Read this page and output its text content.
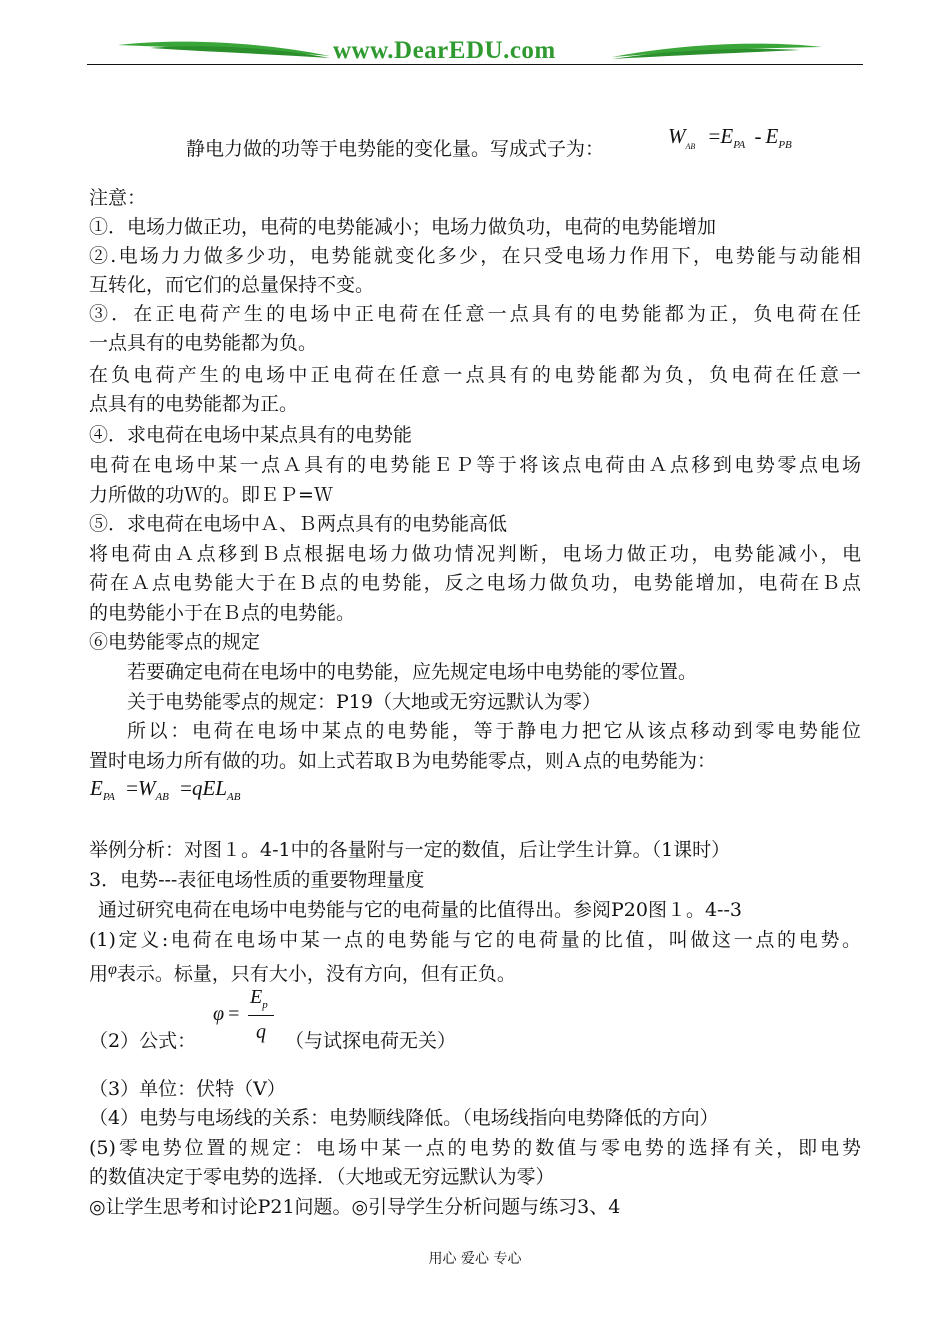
www.DearEDU.com
静电力做的功等于电势能的变化量。写成式子为：
$W_{AB} =E_{PA} - E_{PB}$
注意：
①．电场力做正功，电荷的电势能减小；电场力做负功，电荷的电势能增加
②.电场力力做多少功，电势能就变化多少，在只受电场力作用下，电势能与动能相
互转化，而它们的总量保持不变。
③．在正电荷产生的电场中正电荷在任意一点具有的电势能都为正，负电荷在任
一点具有的电势能都为负。
在负电荷产生的电场中正电荷在任意一点具有的电势能都为负，负电荷在任意一
点具有的电势能都为正。
④．求电荷在电场中某点具有的电势能
电荷在电场中某一点Ａ具有的电势能ＥＰ等于将该点电荷由Ａ点移到电势零点电场
力所做的功Ｗ的。即ＥＰ=Ｗ
⑤．求电荷在电场中Ａ、Ｂ两点具有的电势能高低
将电荷由Ａ点移到Ｂ点根据电场力做功情况判断，电场力做正功，电势能减小，电
荷在Ａ点电势能大于在Ｂ点的电势能，反之电场力做负功，电势能增加，电荷在Ｂ点
的电势能小于在Ｂ点的电势能。
⑥电势能零点的规定
若要确定电荷在电场中的电势能，应先规定电场中电势能的零位置。
关于电势能零点的规定：P19（大地或无穷远默认为零）
所以：电荷在电场中某点的电势能，等于静电力把它从该点移动到零电势能位
置时电场力所有做的功。如上式若取Ｂ为电势能零点，则Ａ点的电势能为：
$E_{PA} =W_{AB} =qEL_{AB}$
举例分析：对图１。4-1中的各量附与一定的数值，后让学生计算。（1课时）
3．电势---表征电场性质的重要物理量度
通过研究电荷在电场中电势能与它的电荷量的比值得出。参阅P20图１。4--3
(1)定义:电荷在电场中某一点的电势能与它的电荷量的比值，叫做这一点的电势。
用$^\varphi$表示。标量，只有大小，没有方向，但有正负。
（2）公式：
φ =
$E_p$
q （与试探电荷无关）
（3）单位：伏特（V）
（4）电势与电场线的关系：电势顺线降低。（电场线指向电势降低的方向）
(5)零电势位置的规定：电场中某一点的电势的数值与零电势的选择有关，即电势
的数值决定于零电势的选择．（大地或无穷远默认为零）
◎让学生思考和讨论P21问题。◎引导学生分析问题与练习3、4
用心 爱心 专心
